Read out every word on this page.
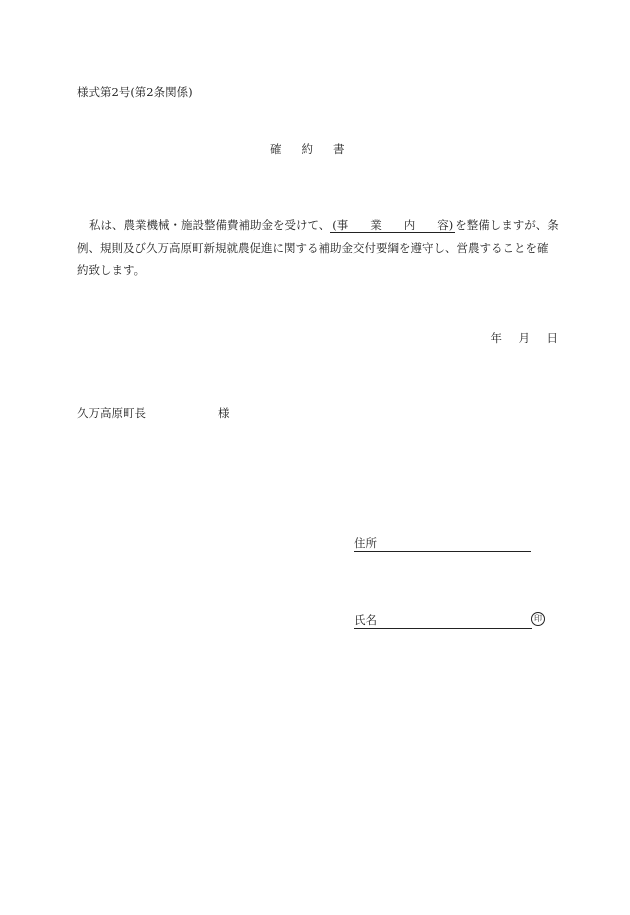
様式第2号(第2条関係)
確 約 書
私は、農業機械・施設整備費補助金を受けて、 (事 業 内 容) を整備しますが、条例、規則及び久万高原町新規就農促進に関する補助金交付要綱を遵守し、営農することを確約致します。
年 月 日
久万高原町長	様
住所
氏名	印
